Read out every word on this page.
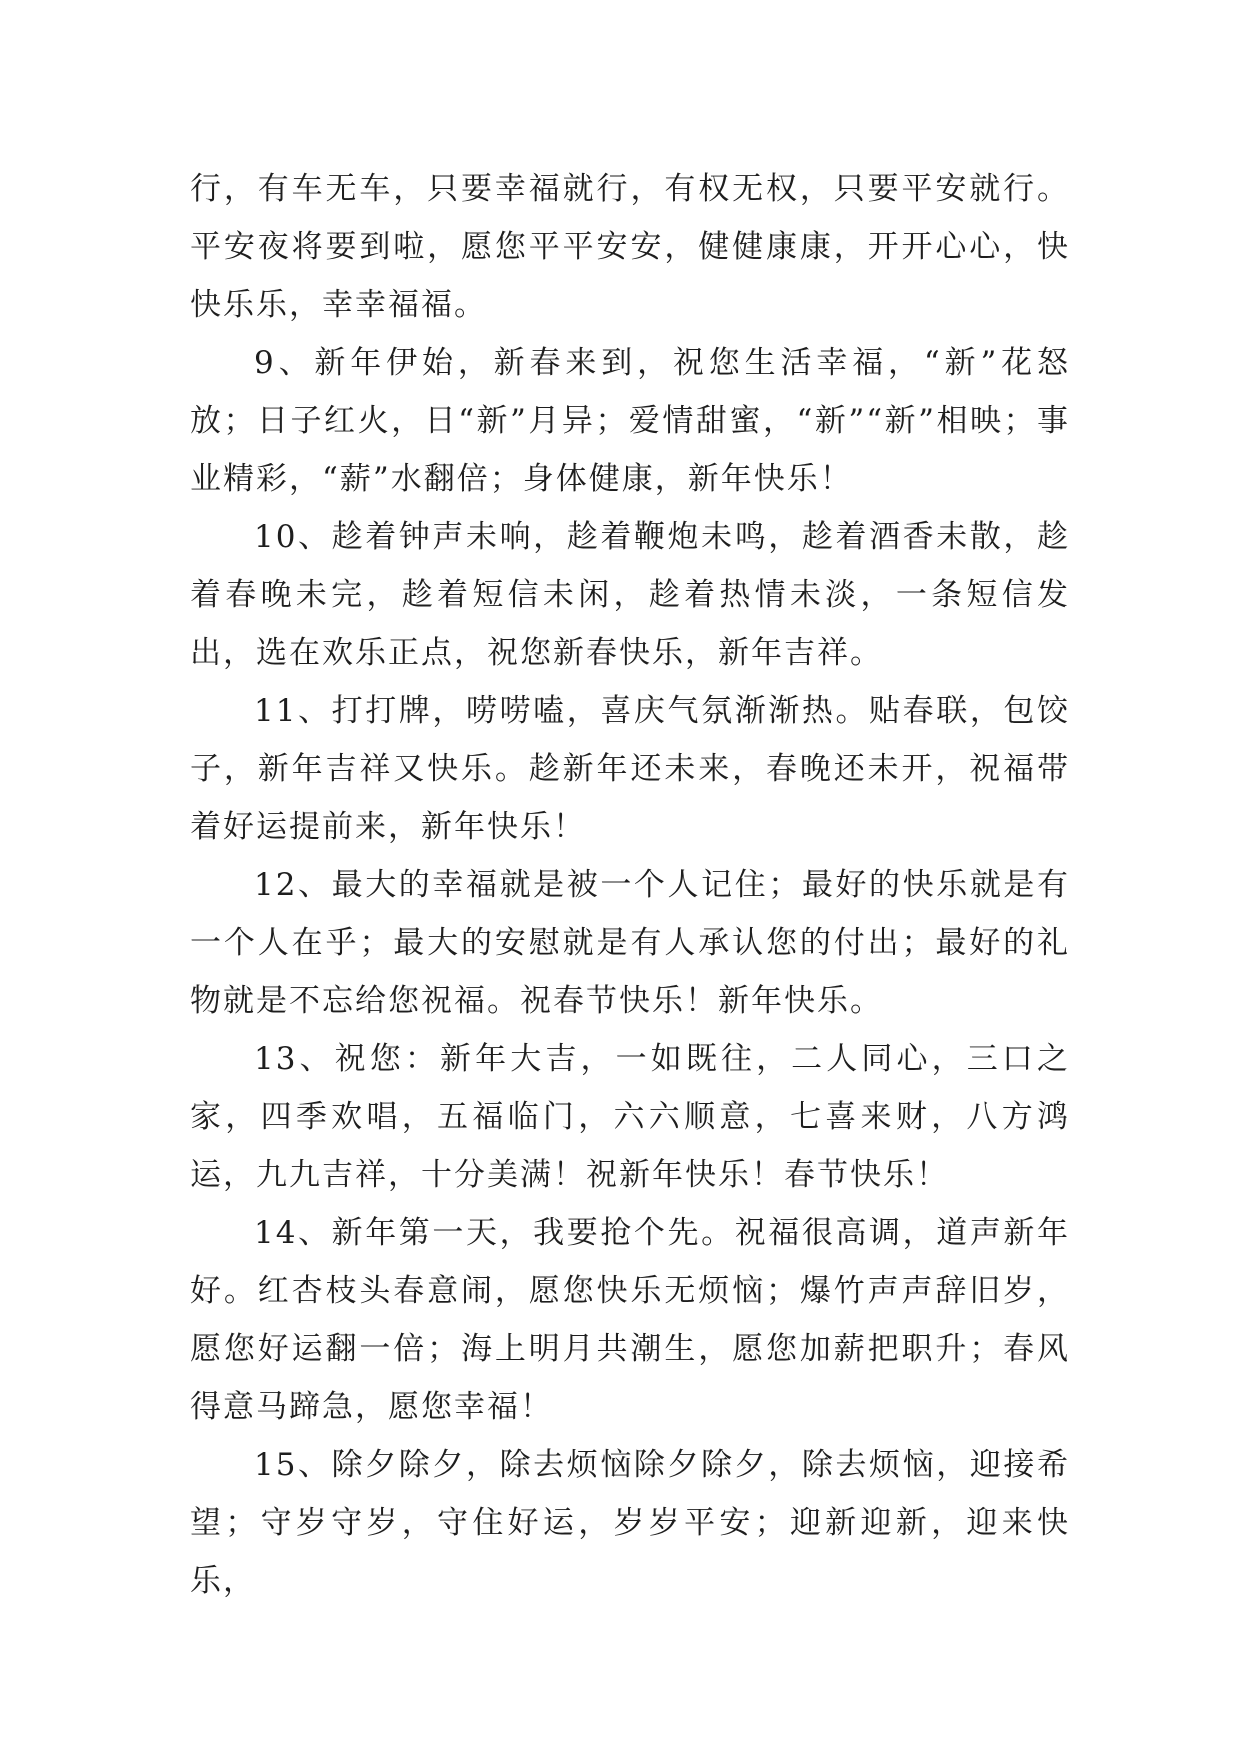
行，有车无车，只要幸福就行，有权无权，只要平安就行。平安夜将要到啦，愿您平平安安，健健康康，开开心心，快快乐乐，幸幸福福。

9、新年伊始，新春来到，祝您生活幸福，“新”花怒放；日子红火，日“新”月异；爱情甜蜜，“新”“新”相映；事业精彩，“薪”水翻倍；身体健康，新年快乐！

10、趁着钟声未响，趁着鞭炮未鸣，趁着酒香未散，趁着春晚未完，趁着短信未闲，趁着热情未淡，一条短信发出，选在欢乐正点，祝您新春快乐，新年吉祥。

11、打打牌，唠唠嗑，喜庆气氛渐渐热。贴春联，包饺子，新年吉祥又快乐。趁新年还未来，春晚还未开，祝福带着好运提前来，新年快乐！

12、最大的幸福就是被一个人记住；最好的快乐就是有一个人在乎；最大的安慰就是有人承认您的付出；最好的礼物就是不忘给您祝福。祝春节快乐！新年快乐。

13、祝您：新年大吉，一如既往，二人同心，三口之家，四季欢唱，五福临门，六六顺意，七喜来财，八方鸿运，九九吉祥，十分美满！祝新年快乐！春节快乐！

14、新年第一天，我要抢个先。祝福很高调，道声新年好。红杏枝头春意闹，愿您快乐无烦恼；爆竹声声辞旧岁，愿您好运翻一倍；海上明月共潮生，愿您加薪把职升；春风得意马蹄急，愿您幸福！

15、除夕除夕，除去烦恼除夕除夕，除去烦恼，迎接希望；守岁守岁，守住好运，岁岁平安；迎新迎新，迎来快乐，
